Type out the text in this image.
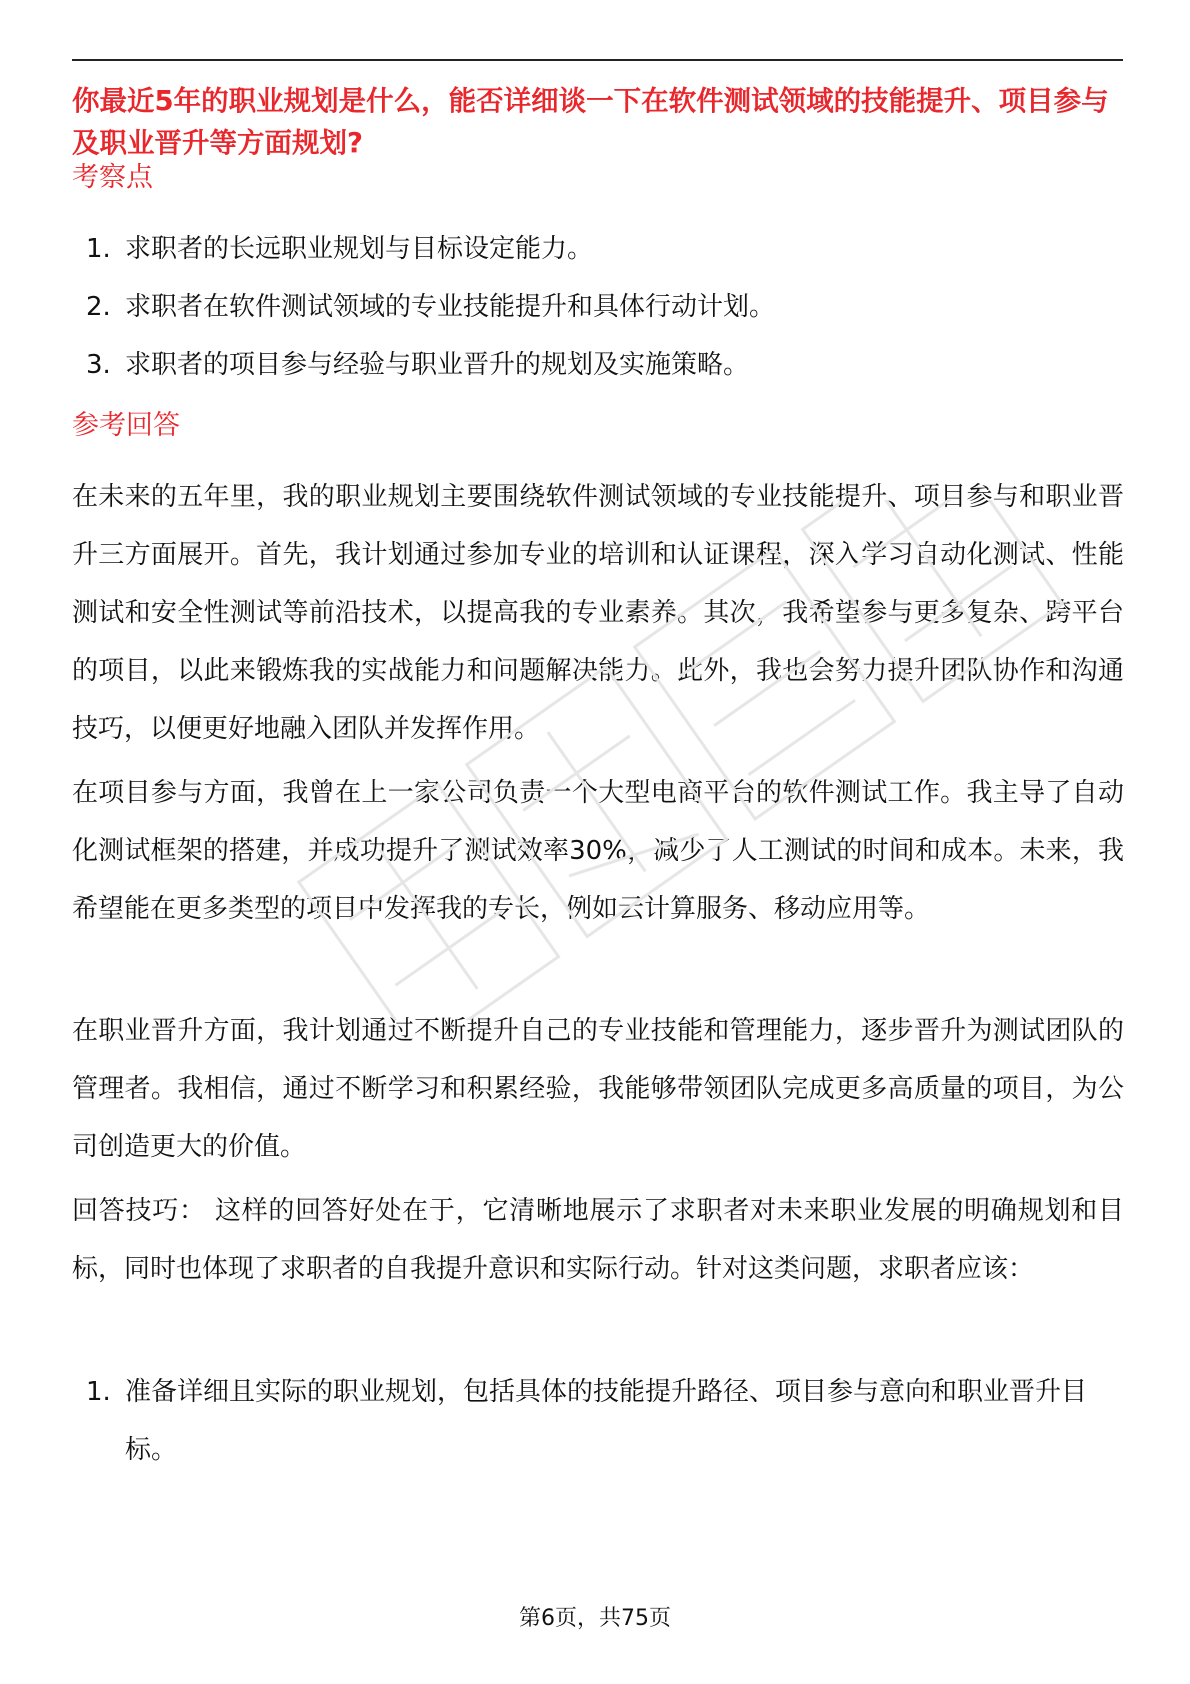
你最近5年的职业规划是什么，能否详细谈一下在软件测试领域的技能提升、项目参与及职业晋升等方面规划?
考察点
1. 求职者的长远职业规划与目标设定能力。
2. 求职者在软件测试领域的专业技能提升和具体行动计划。
3. 求职者的项目参与经验与职业晋升的规划及实施策略。
参考回答

在未来的五年里，我的职业规划主要围绕软件测试领域的专业技能提升、项目参与和职业晋升三方面展开。首先，我计划通过参加专业的培训和认证课程，深入学习自动化测试、性能测试和安全性测试等前沿技术，以提高我的专业素养。其次，我希望参与更多复杂、跨平台的项目，以此来锻炼我的实战能力和问题解决能力。此外，我也会努力提升团队协作和沟通技巧，以便更好地融入团队并发挥作用。

在项目参与方面，我曾在上一家公司负责一个大型电商平台的软件测试工作。我主导了自动化测试框架的搭建，并成功提升了测试效率30%，减少了人工测试的时间和成本。未来，我希望能在更多类型的项目中发挥我的专长，例如云计算服务、移动应用等。

在职业晋升方面，我计划通过不断提升自己的专业技能和管理能力，逐步晋升为测试团队的管理者。我相信，通过不断学习和积累经验，我能够带领团队完成更多高质量的项目，为公司创造更大的价值。

回答技巧： 这样的回答好处在于，它清晰地展示了求职者对未来职业发展的明确规划和目标，同时也体现了求职者的自我提升意识和实际行动。针对这类问题，求职者应该：

1. 准备详细且实际的职业规划，包括具体的技能提升路径、项目参与意向和职业晋升目标。
第6页，共75页
